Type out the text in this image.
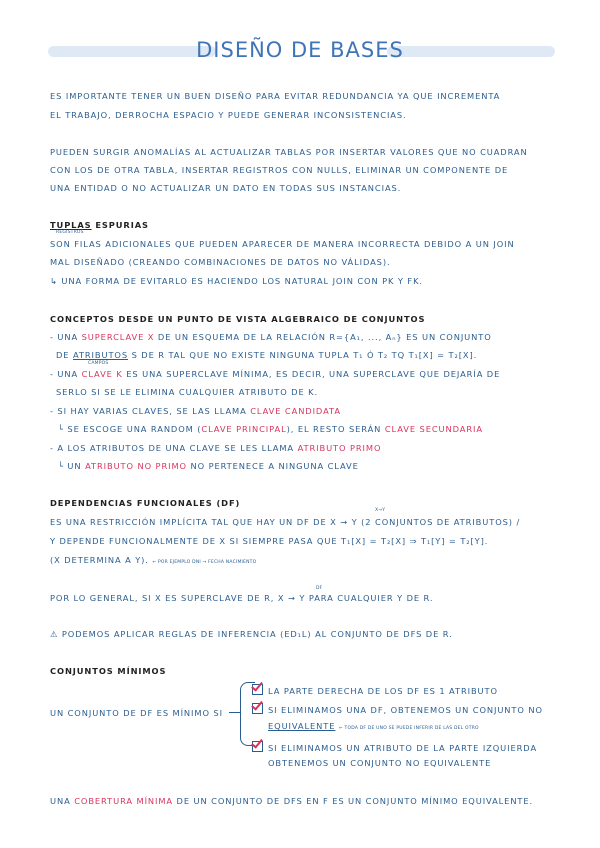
DISEÑO DE BASES
ES IMPORTANTE TENER UN BUEN DISEÑO PARA EVITAR REDUNDANCIA YA QUE INCREMENTA
EL TRABAJO, DERROCHA ESPACIO Y PUEDE GENERAR INCONSISTENCIAS.
PUEDEN SURGIR ANOMALÍAS AL ACTUALIZAR TABLAS POR INSERTAR VALORES QUE NO CUADRAN
CON LOS DE OTRA TABLA, INSERTAR REGISTROS CON NULLS, ELIMINAR UN COMPONENTE DE
UNA ENTIDAD O NO ACTUALIZAR UN DATO EN TODAS SUS INSTANCIAS.
TUPLAS ESPURIAS
REGISTROS
SON FILAS ADICIONALES QUE PUEDEN APARECER DE MANERA INCORRECTA DEBIDO A UN JOIN
MAL DISEÑADO (CREANDO COMBINACIONES DE DATOS NO VÁLIDAS).
↳ UNA FORMA DE EVITARLO ES HACIENDO LOS NATURAL JOIN CON PK Y FK.
CONCEPTOS DESDE UN PUNTO DE VISTA ALGEBRAICO DE CONJUNTOS
- UNA SUPERCLAVE X DE UN ESQUEMA DE LA RELACIÓN R={A₁, ..., Aₙ} ES UN CONJUNTO
DE ATRIBUTOS S DE R TAL QUE NO EXISTE NINGUNA TUPLA T₁ Ó T₂ TQ T₁[X] = T₂[X].
CAMPOS
- UNA CLAVE K ES UNA SUPERCLAVE MÍNIMA, ES DECIR, UNA SUPERCLAVE QUE DEJARÍA DE
SERLO SI SE LE ELIMINA CUALQUIER ATRIBUTO DE K.
- SI HAY VARIAS CLAVES, SE LAS LLAMA CLAVE CANDIDATA
└ SE ESCOGE UNA RANDOM (CLAVE PRINCIPAL), EL RESTO SERÁN CLAVE SECUNDARIA
- A LOS ATRIBUTOS DE UNA CLAVE SE LES LLAMA ATRIBUTO PRIMO
└ UN ATRIBUTO NO PRIMO NO PERTENECE A NINGUNA CLAVE
DEPENDENCIAS FUNCIONALES (DF)
X→Y
ES UNA RESTRICCIÓN IMPLÍCITA TAL QUE HAY UN DF DE X → Y (2 CONJUNTOS DE ATRIBUTOS) /
Y DEPENDE FUNCIONALMENTE DE X SI SIEMPRE PASA QUE T₁[X] = T₂[X] ⇒ T₁[Y] = T₂[Y].
(X DETERMINA A Y). ← POR EJEMPLO DNI → FECHA NACIMIENTO
DF
POR LO GENERAL, SI X ES SUPERCLAVE DE R, X → Y PARA CUALQUIER Y DE R.
⚠ PODEMOS APLICAR REGLAS DE INFERENCIA (ED₁L) AL CONJUNTO DE DFS DE R.
CONJUNTOS MÍNIMOS
UN CONJUNTO DE DF ES MÍNIMO SI
LA PARTE DERECHA DE LOS DF ES 1 ATRIBUTO
SI ELIMINAMOS UNA DF, OBTENEMOS UN CONJUNTO NO
EQUIVALENTE ← TODA DF DE UNO SE PUEDE INFERIR DE LAS DEL OTRO
SI ELIMINAMOS UN ATRIBUTO DE LA PARTE IZQUIERDA
OBTENEMOS UN CONJUNTO NO EQUIVALENTE
UNA COBERTURA MÍNIMA DE UN CONJUNTO DE DFS EN F ES UN CONJUNTO MÍNIMO EQUIVALENTE.
